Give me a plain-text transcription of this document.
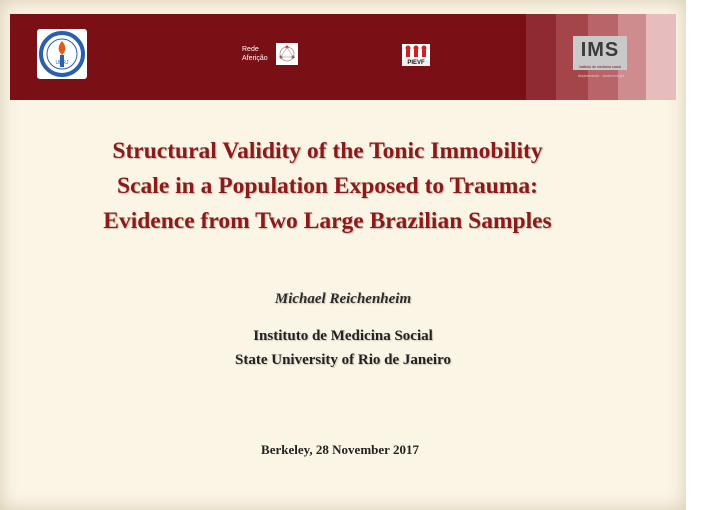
UERJ
Rede
Aferição
PIEVF
IMS
instituto de medicina social
departamento · epidemiologia
Structural Validity of the Tonic Immobility
Scale in a Population Exposed to Trauma:
Evidence from Two Large Brazilian Samples
Michael Reichenheim
Instituto de Medicina Social
State University of Rio de Janeiro
Berkeley, 28 November 2017
